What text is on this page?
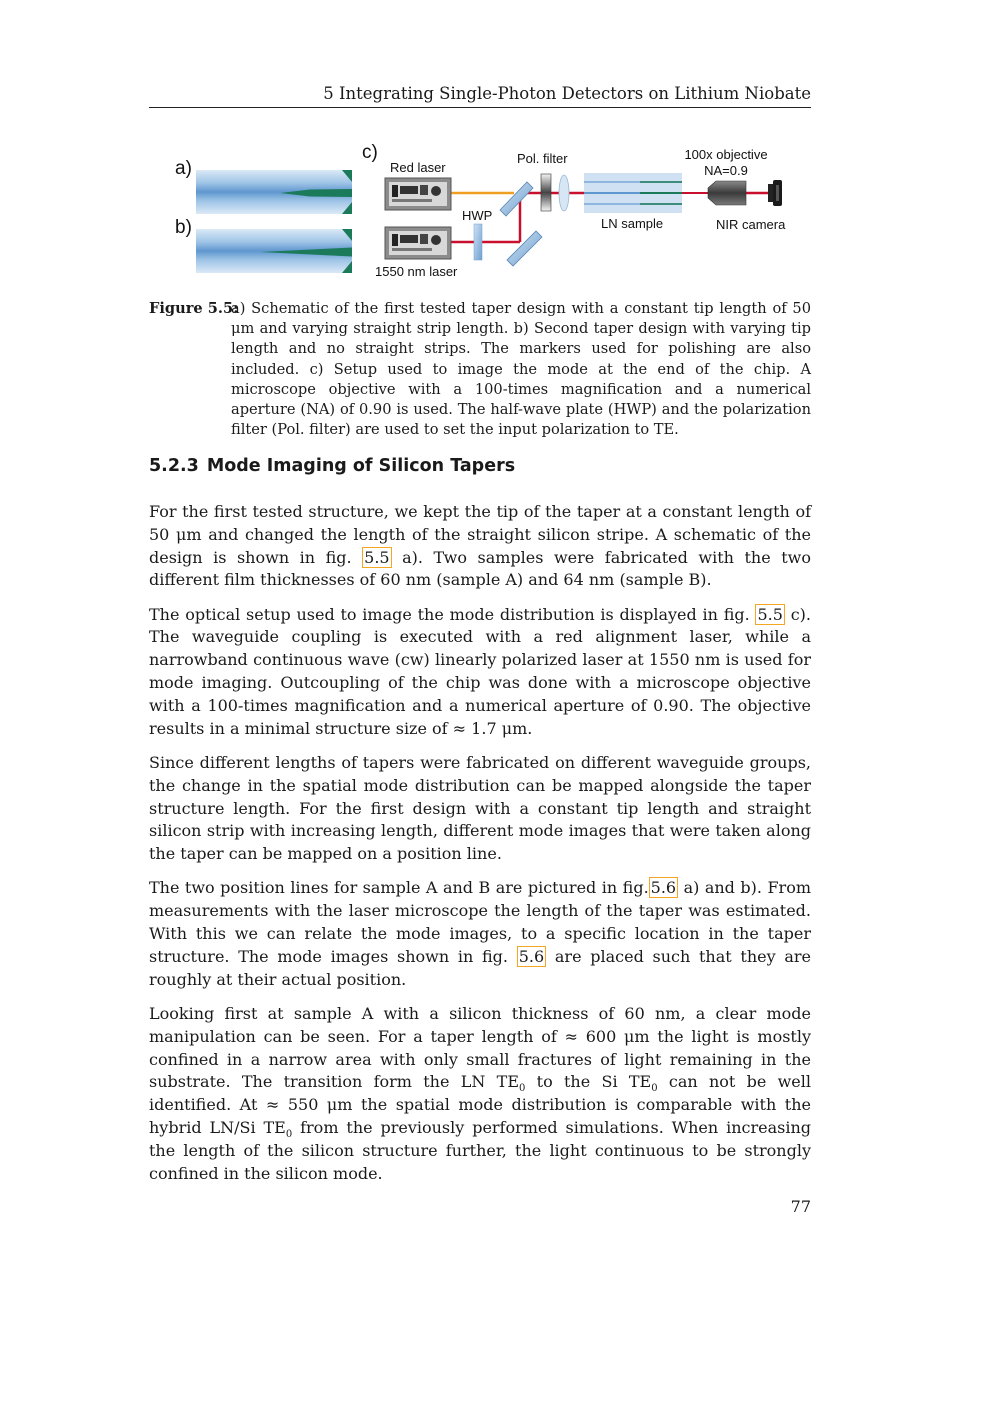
5 Integrating Single-Photon Detectors on Lithium Niobate
a)
b)
c)
Red laser
1550 nm laser
HWP
Pol. filter
LN sample
100x objective
NA=0.9
NIR camera
Figure 5.5:
a) Schematic of the first tested taper design with a constant tip length of 50 μm and varying straight strip length. b) Second taper design with varying tip length and no straight strips. The markers used for polishing are also included. c) Setup used to image the mode at the end of the chip. A microscope objective with a 100-times magnification and a numerical aperture (NA) of 0.90 is used. The half-wave plate (HWP) and the polarization filter (Pol. filter) are used to set the input polarization to TE.
5.2.3 Mode Imaging of Silicon Tapers

For the first tested structure, we kept the tip of the taper at a constant length of 50 μm and changed the length of the straight silicon stripe. A schematic of the design is shown in fig. 5.5 a). Two samples were fabricated with the two different film thicknesses of 60 nm (sample A) and 64 nm (sample B).

The optical setup used to image the mode distribution is displayed in fig. 5.5 c). The waveguide coupling is executed with a red alignment laser, while a narrowband continuous wave (cw) linearly polarized laser at 1550 nm is used for mode imaging. Outcoupling of the chip was done with a microscope objective with a 100-times magnification and a numerical aperture of 0.90. The objective results in a minimal structure size of ≈ 1.7 μm.

Since different lengths of tapers were fabricated on different waveguide groups, the change in the spatial mode distribution can be mapped alongside the taper structure length. For the first design with a constant tip length and straight silicon strip with increasing length, different mode images that were taken along the taper can be mapped on a position line.

The two position lines for sample A and B are pictured in fig. 5.6 a) and b). From measurements with the laser microscope the length of the taper was estimated. With this we can relate the mode images, to a specific location in the taper structure. The mode images shown in fig. 5.6 are placed such that they are roughly at their actual position.

Looking first at sample A with a silicon thickness of 60 nm, a clear mode manipulation can be seen. For a taper length of ≈ 600 μm the light is mostly confined in a narrow area with only small fractures of light remaining in the substrate. The transition form the LN $TE_0$ to the Si $TE_0$ can not be well identified. At ≈ 550 μm the spatial mode distribution is comparable with the hybrid LN/Si $TE_0$ from the previously performed simulations. When increasing the length of the silicon structure further, the light continuous to be strongly confined in the silicon mode.

77
